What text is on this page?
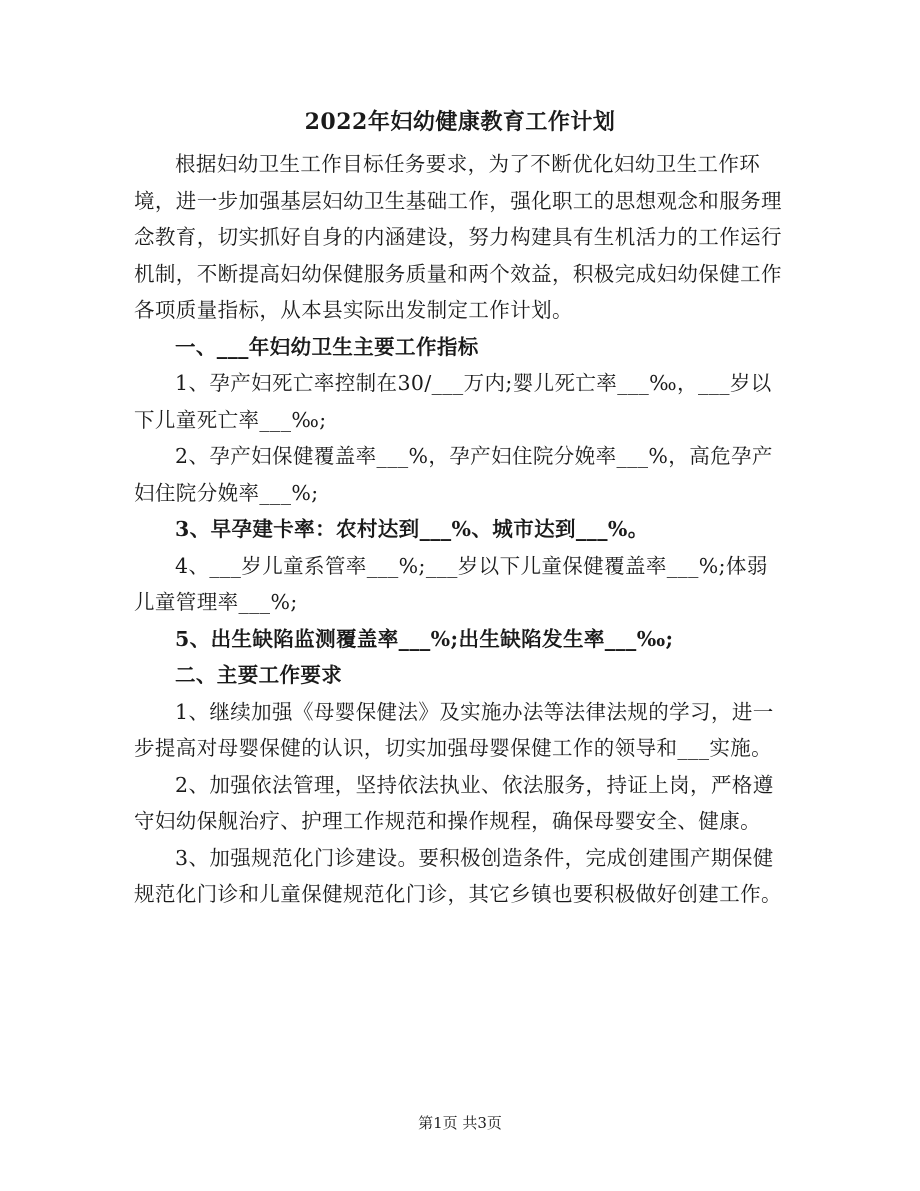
2022年妇幼健康教育工作计划

根据妇幼卫生工作目标任务要求，为了不断优化妇幼卫生工作环境，进一步加强基层妇幼卫生基础工作，强化职工的思想观念和服务理念教育，切实抓好自身的内涵建设，努力构建具有生机活力的工作运行机制，不断提高妇幼保健服务质量和两个效益，积极完成妇幼保健工作各项质量指标，从本县实际出发制定工作计划。

一、___年妇幼卫生主要工作指标

1、孕产妇死亡率控制在30/___万内;婴儿死亡率___‰，___岁以下儿童死亡率___‰;

2、孕产妇保健覆盖率___%，孕产妇住院分娩率___%，高危孕产妇住院分娩率___%;

3、早孕建卡率：农村达到___%、城市达到___%。

4、___岁儿童系管率___%;___岁以下儿童保健覆盖率___%;体弱儿童管理率___%;

5、出生缺陷监测覆盖率___%;出生缺陷发生率___‰;

二、主要工作要求

1、继续加强《母婴保健法》及实施办法等法律法规的学习，进一步提高对母婴保健的认识，切实加强母婴保健工作的领导和___实施。

2、加强依法管理，坚持依法执业、依法服务，持证上岗，严格遵守妇幼保舰治疗、护理工作规范和操作规程，确保母婴安全、健康。

3、加强规范化门诊建设。要积极创造条件，完成创建围产期保健规范化门诊和儿童保健规范化门诊，其它乡镇也要积极做好创建工作。

第1页 共3页
